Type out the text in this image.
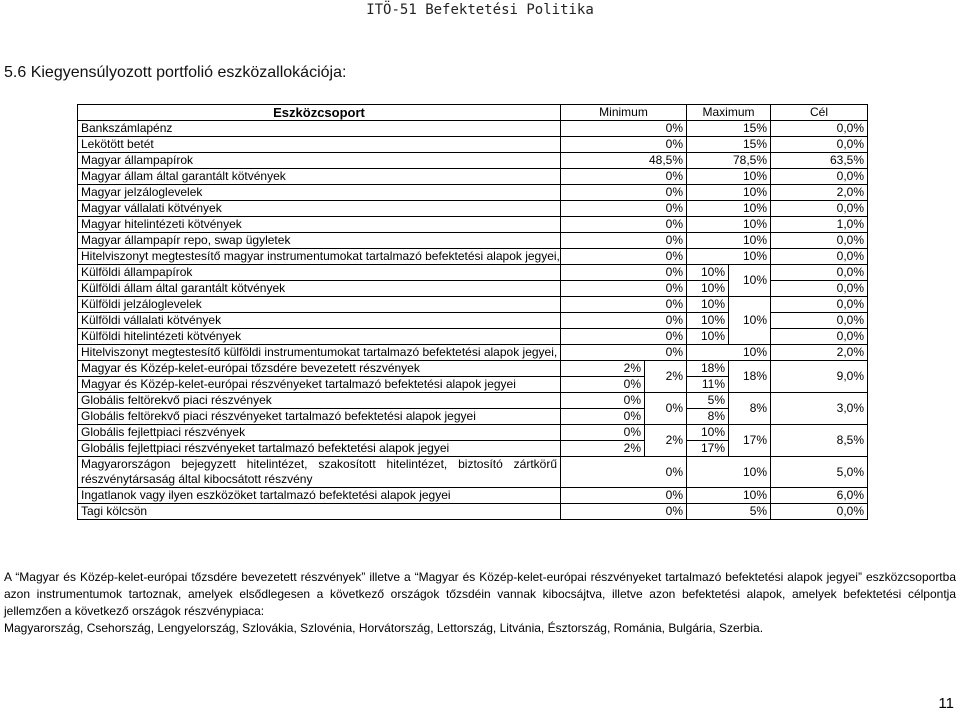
ITÖ-51 Befektetési Politika
5.6 Kiegyensúlyozott portfolió eszközallokációja:
Eszközcsoport	Minimum		Maximum		Cél
Bankszámlapénz	0%		15%		0,0%
Lekötött betét	0%		15%		0,0%
Magyar állampapírok	48,5%		78,5%		63,5%
Magyar állam által garantált kötvények	0%		10%		0,0%
Magyar jelzáloglevelek	0%		10%		2,0%
Magyar vállalati kötvények	0%		10%		0,0%
Magyar hitelintézeti kötvények	0%		10%		1,0%
Magyar állampapír repo, swap ügyletek	0%		10%		0,0%
Hitelviszonyt megtestesítő magyar instrumentumokat tartalmazó befektetési alapok jegyei,	0%		10%		0,0%
Külföldi állampapírok	0%		10%	10%	0,0%
Külföldi állam által garantált kötvények	0%		10%		0,0%
Külföldi jelzáloglevelek	0%		10%	10%	0,0%
Külföldi vállalati kötvények	0%		10%		0,0%
Külföldi hitelintézeti kötvények	0%		10%		0,0%
Hitelviszonyt megtestesítő külföldi instrumentumokat tartalmazó befektetési alapok jegyei,	0%		10%		2,0%
Magyar és Közép-kelet-európai tőzsdére bevezetett részvények	2%	2%	18%	18%	9,0%
Magyar és Közép-kelet-európai részvényeket tartalmazó befektetési alapok jegyei	0%		11%		
Globális feltörekvő piaci részvények	0%	0%	5%	8%	3,0%
Globális feltörekvő piaci részvényeket tartalmazó befektetési alapok jegyei	0%		8%		
Globális fejlettpiaci részvények	0%	2%	10%	17%	8,5%
Globális fejlettpiaci részvényeket tartalmazó befektetési alapok jegyei	2%		17%		
Magyarországon bejegyzett hitelintézet, szakosított hitelintézet, biztosító zártkörű részvénytársaság által kibocsátott részvény	0%		10%		5,0%
Ingatlanok vagy ilyen eszközöket tartalmazó befektetési alapok jegyei	0%		10%		6,0%
Tagi kölcsön	0%		5%		0,0%
A “Magyar és Közép-kelet-európai tőzsdére bevezetett részvények” illetve a “Magyar és Közép-kelet-európai részvényeket tartalmazó befektetési alapok jegyei” eszközcsoportba azon instrumentumok tartoznak, amelyek elsődlegesen a következő országok tőzsdéin vannak kibocsájtva, illetve azon befektetési alapok, amelyek befektetési célpontja jellemzően a következő országok részvénypiaca:
Magyarország, Csehország, Lengyelország, Szlovákia, Szlovénia, Horvátország, Lettország, Litvánia, Észtország, Románia, Bulgária, Szerbia.
11
